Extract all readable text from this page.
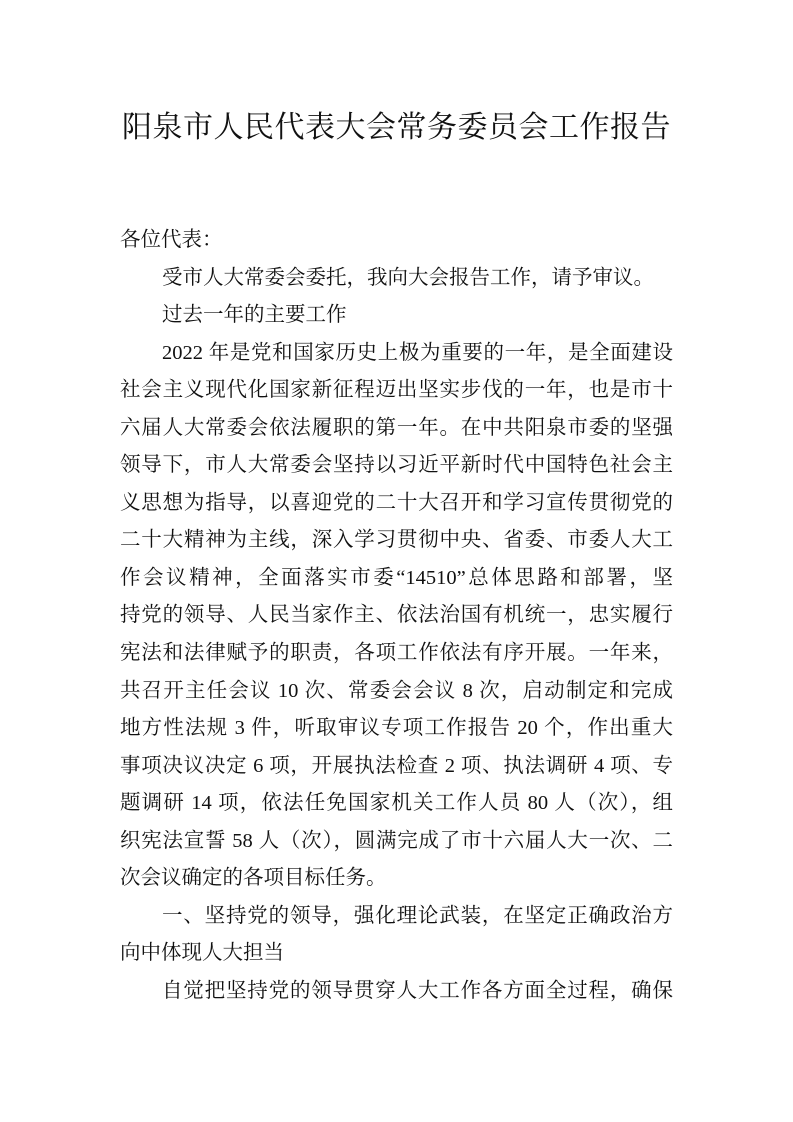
阳泉市人民代表大会常务委员会工作报告
各位代表：
受市人大常委会委托，我向大会报告工作，请予审议。
过去一年的主要工作
2022 年是党和国家历史上极为重要的一年，是全面建设
社会主义现代化国家新征程迈出坚实步伐的一年，也是市十
六届人大常委会依法履职的第一年。在中共阳泉市委的坚强
领导下，市人大常委会坚持以习近平新时代中国特色社会主
义思想为指导，以喜迎党的二十大召开和学习宣传贯彻党的
二十大精神为主线，深入学习贯彻中央、省委、市委人大工
作会议精神，全面落实市委“14510”总体思路和部署，坚
持党的领导、人民当家作主、依法治国有机统一，忠实履行
宪法和法律赋予的职责，各项工作依法有序开展。一年来，
共召开主任会议 10 次、常委会会议 8 次，启动制定和完成
地方性法规 3 件，听取审议专项工作报告 20 个，作出重大
事项决议决定 6 项，开展执法检查 2 项、执法调研 4 项、专
题调研 14 项，依法任免国家机关工作人员 80 人（次），组
织宪法宣誓 58 人（次），圆满完成了市十六届人大一次、二
次会议确定的各项目标任务。
一、坚持党的领导，强化理论武装，在坚定正确政治方
向中体现人大担当
自觉把坚持党的领导贯穿人大工作各方面全过程，确保
